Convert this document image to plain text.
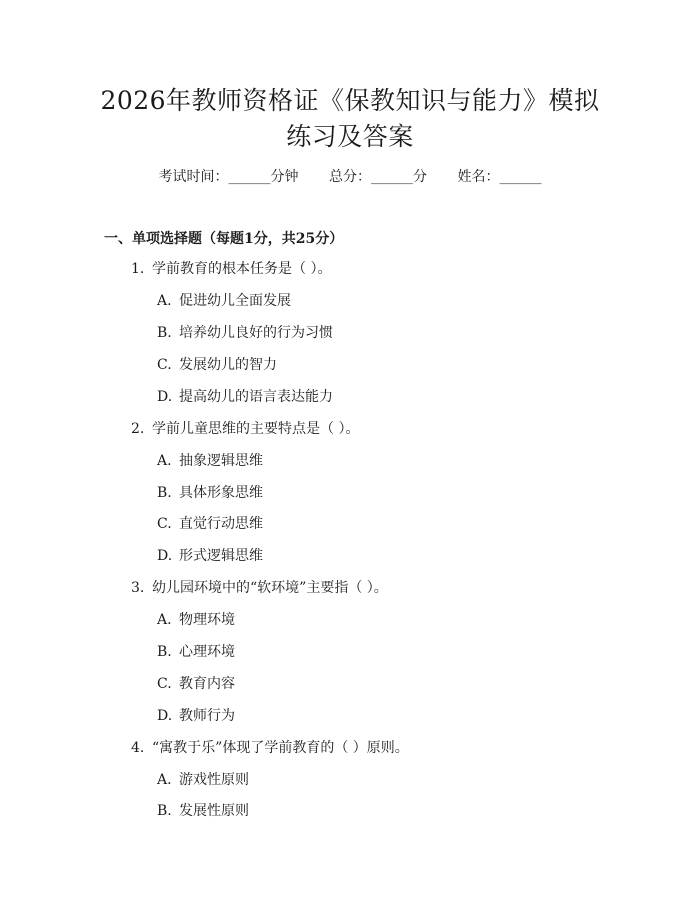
2026年教师资格证《保教知识与能力》模拟
练习及答案
考试时间：______分钟 总分：______分 姓名：______
一、单项选择题（每题1分，共25分）
1. 学前教育的根本任务是（ ）。
A. 促进幼儿全面发展
B. 培养幼儿良好的行为习惯
C. 发展幼儿的智力
D. 提高幼儿的语言表达能力
2. 学前儿童思维的主要特点是（ ）。
A. 抽象逻辑思维
B. 具体形象思维
C. 直觉行动思维
D. 形式逻辑思维
3. 幼儿园环境中的“软环境”主要指（ ）。
A. 物理环境
B. 心理环境
C. 教育内容
D. 教师行为
4. “寓教于乐”体现了学前教育的（ ）原则。
A. 游戏性原则
B. 发展性原则
